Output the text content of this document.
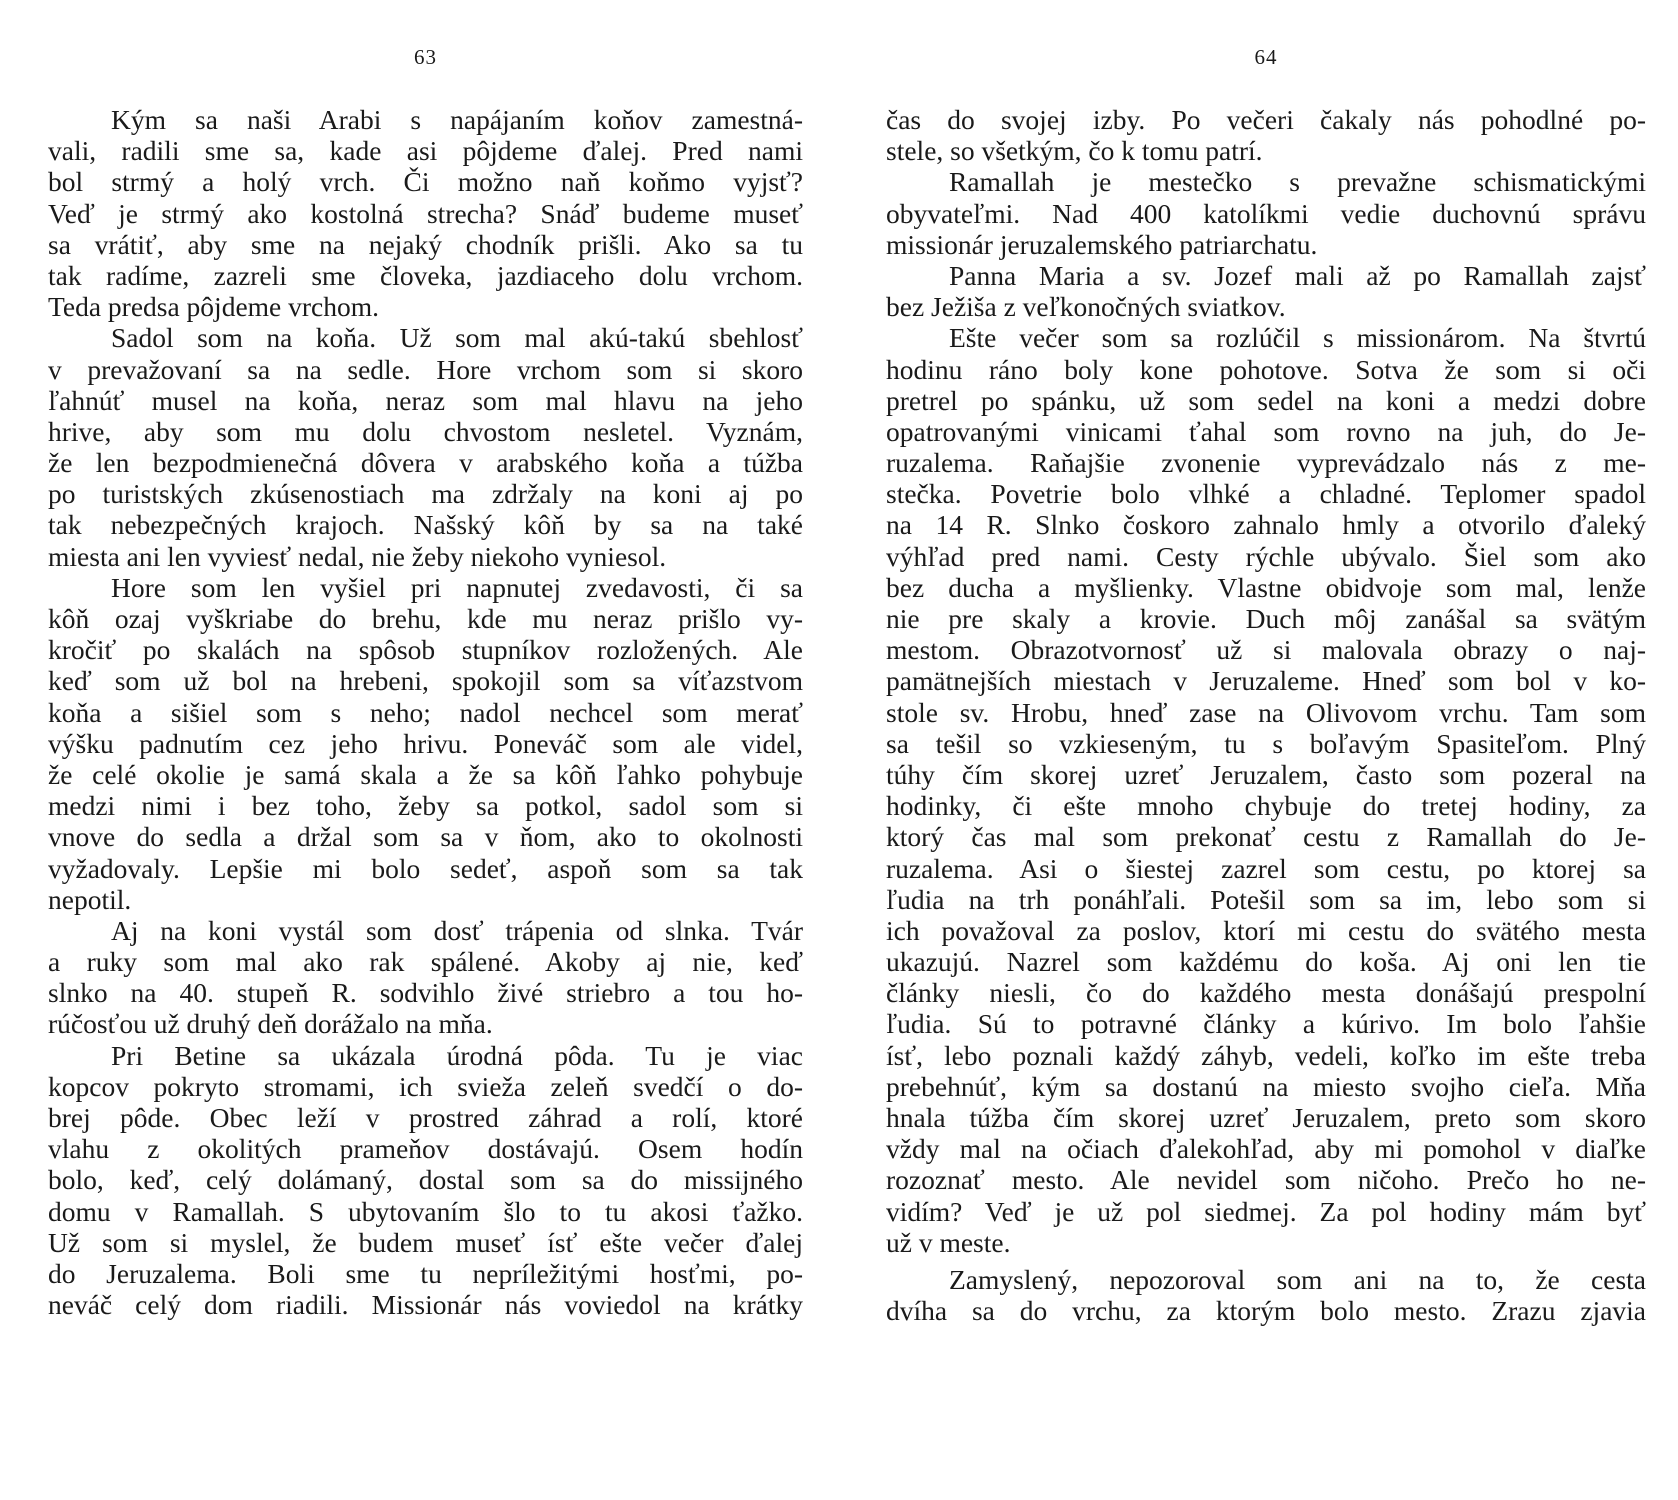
63
Kým sa naši Arabi s napájaním koňov zamestná-
vali, radili sme sa, kade asi pôjdeme ďalej. Pred nami
bol strmý a holý vrch. Či možno naň koňmo vyjsť?
Veď je strmý ako kostolná strecha? Snáď budeme museť
sa vrátiť, aby sme na nejaký chodník prišli. Ako sa tu
tak radíme, zazreli sme človeka, jazdiaceho dolu vrchom.
Teda predsa pôjdeme vrchom.
Sadol som na koňa. Už som mal akú-takú sbehlosť
v prevažovaní sa na sedle. Hore vrchom som si skoro
ľahnúť musel na koňa, neraz som mal hlavu na jeho
hrive, aby som mu dolu chvostom nesletel. Vyznám,
že len bezpodmienečná dôvera v arabského koňa a túžba
po turistských zkúsenostiach ma zdržaly na koni aj po
tak nebezpečných krajoch. Našský kôň by sa na také
miesta ani len vyviesť nedal, nie žeby niekoho vyniesol.
Hore som len vyšiel pri napnutej zvedavosti, či sa
kôň ozaj vyškriabe do brehu, kde mu neraz prišlo vy-
kročiť po skalách na spôsob stupníkov rozložených. Ale
keď som už bol na hrebeni, spokojil som sa víťazstvom
koňa a sišiel som s neho; nadol nechcel som merať
výšku padnutím cez jeho hrivu. Poneváč som ale videl,
že celé okolie je samá skala a že sa kôň ľahko pohybuje
medzi nimi i bez toho, žeby sa potkol, sadol som si
vnove do sedla a držal som sa v ňom, ako to okolnosti
vyžadovaly. Lepšie mi bolo sedeť, aspoň som sa tak
nepotil.
Aj na koni vystál som dosť trápenia od slnka. Tvár
a ruky som mal ako rak spálené. Akoby aj nie, keď
slnko na 40. stupeň R. sodvihlo živé striebro a tou ho-
rúčosťou už druhý deň dorážalo na mňa.
Pri Betine sa ukázala úrodná pôda. Tu je viac
kopcov pokryto stromami, ich svieža zeleň svedčí o do-
brej pôde. Obec leží v prostred záhrad a rolí, ktoré
vlahu z okolitých prameňov dostávajú. Osem hodín
bolo, keď, celý dolámaný, dostal som sa do missijného
domu v Ramallah. S ubytovaním šlo to tu akosi ťažko.
Už som si myslel, že budem museť ísť ešte večer ďalej
do Jeruzalema. Boli sme tu nepríležitými hosťmi, po-
neváč celý dom riadili. Missionár nás voviedol na krátky
64
čas do svojej izby. Po večeri čakaly nás pohodlné po-
stele, so všetkým, čo k tomu patrí.
Ramallah je mestečko s prevažne schismatickými
obyvateľmi. Nad 400 katolíkmi vedie duchovnú správu
missionár jeruzalemského patriarchatu.
Panna Maria a sv. Jozef mali až po Ramallah zajsť
bez Ježiša z veľkonočných sviatkov.
Ešte večer som sa rozlúčil s missionárom. Na štvrtú
hodinu ráno boly kone pohotove. Sotva že som si oči
pretrel po spánku, už som sedel na koni a medzi dobre
opatrovanými vinicami ťahal som rovno na juh, do Je-
ruzalema. Raňajšie zvonenie vyprevádzalo nás z me-
stečka. Povetrie bolo vlhké a chladné. Teplomer spadol
na 14 R. Slnko čoskoro zahnalo hmly a otvorilo ďaleký
výhľad pred nami. Cesty rýchle ubývalo. Šiel som ako
bez ducha a myšlienky. Vlastne obidvoje som mal, lenže
nie pre skaly a krovie. Duch môj zanášal sa svätým
mestom. Obrazotvornosť už si malovala obrazy o naj-
pamätnejších miestach v Jeruzaleme. Hneď som bol v ko-
stole sv. Hrobu, hneď zase na Olivovom vrchu. Tam som
sa tešil so vzkieseným, tu s boľavým Spasiteľom. Plný
túhy čím skorej uzreť Jeruzalem, často som pozeral na
hodinky, či ešte mnoho chybuje do tretej hodiny, za
ktorý čas mal som prekonať cestu z Ramallah do Je-
ruzalema. Asi o šiestej zazrel som cestu, po ktorej sa
ľudia na trh ponáhľali. Potešil som sa im, lebo som si
ich považoval za poslov, ktorí mi cestu do svätého mesta
ukazujú. Nazrel som každému do koša. Aj oni len tie
články niesli, čo do každého mesta donášajú prespolní
ľudia. Sú to potravné články a kúrivo. Im bolo ľahšie
ísť, lebo poznali každý záhyb, vedeli, koľko im ešte treba
prebehnúť, kým sa dostanú na miesto svojho cieľa. Mňa
hnala túžba čím skorej uzreť Jeruzalem, preto som skoro
vždy mal na očiach ďalekohľad, aby mi pomohol v diaľke
rozoznať mesto. Ale nevidel som ničoho. Prečo ho ne-
vidím? Veď je už pol siedmej. Za pol hodiny mám byť
už v meste.
Zamyslený, nepozoroval som ani na to, že cesta
dvíha sa do vrchu, za ktorým bolo mesto. Zrazu zjavia
